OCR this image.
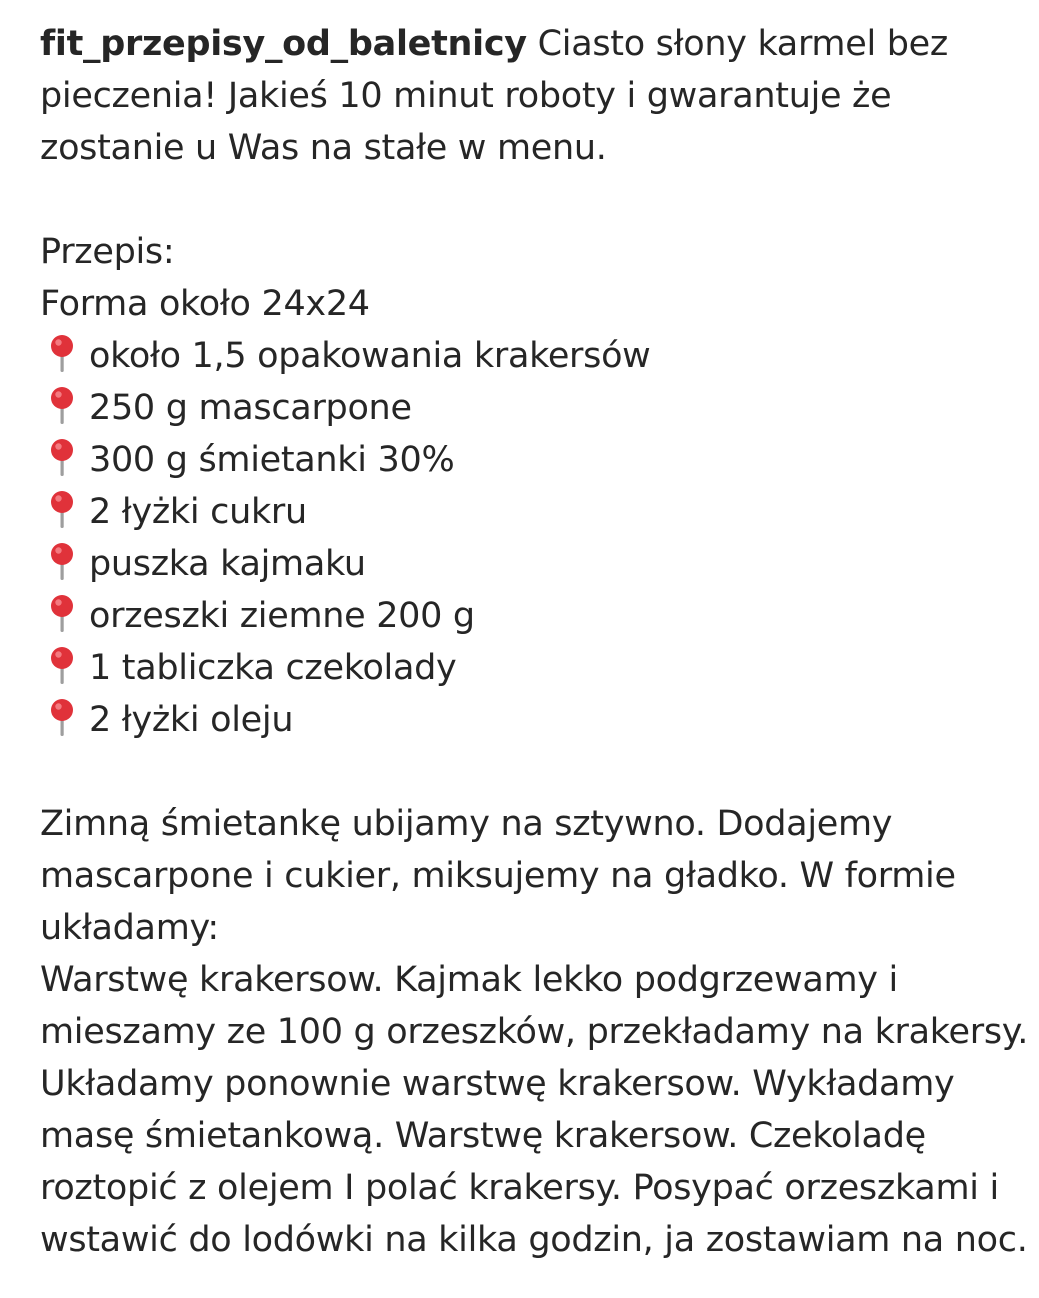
fit_przepisy_od_baletnicy Ciasto słony karmel bez
pieczenia! Jakieś 10 minut roboty i gwarantuje że
zostanie u Was na stałe w menu.
Przepis:
Forma około 24x24
około 1,5 opakowania krakersów
250 g mascarpone
300 g śmietanki 30%
2 łyżki cukru
puszka kajmaku
orzeszki ziemne 200 g
1 tabliczka czekolady
2 łyżki oleju
Zimną śmietankę ubijamy na sztywno. Dodajemy
mascarpone i cukier, miksujemy na gładko. W formie
układamy:
Warstwę krakersow. Kajmak lekko podgrzewamy i
mieszamy ze 100 g orzeszków, przekładamy na krakersy.
Układamy ponownie warstwę krakersow. Wykładamy
masę śmietankową. Warstwę krakersow. Czekoladę
roztopić z olejem I polać krakersy. Posypać orzeszkami i
wstawić do lodówki na kilka godzin, ja zostawiam na noc.
